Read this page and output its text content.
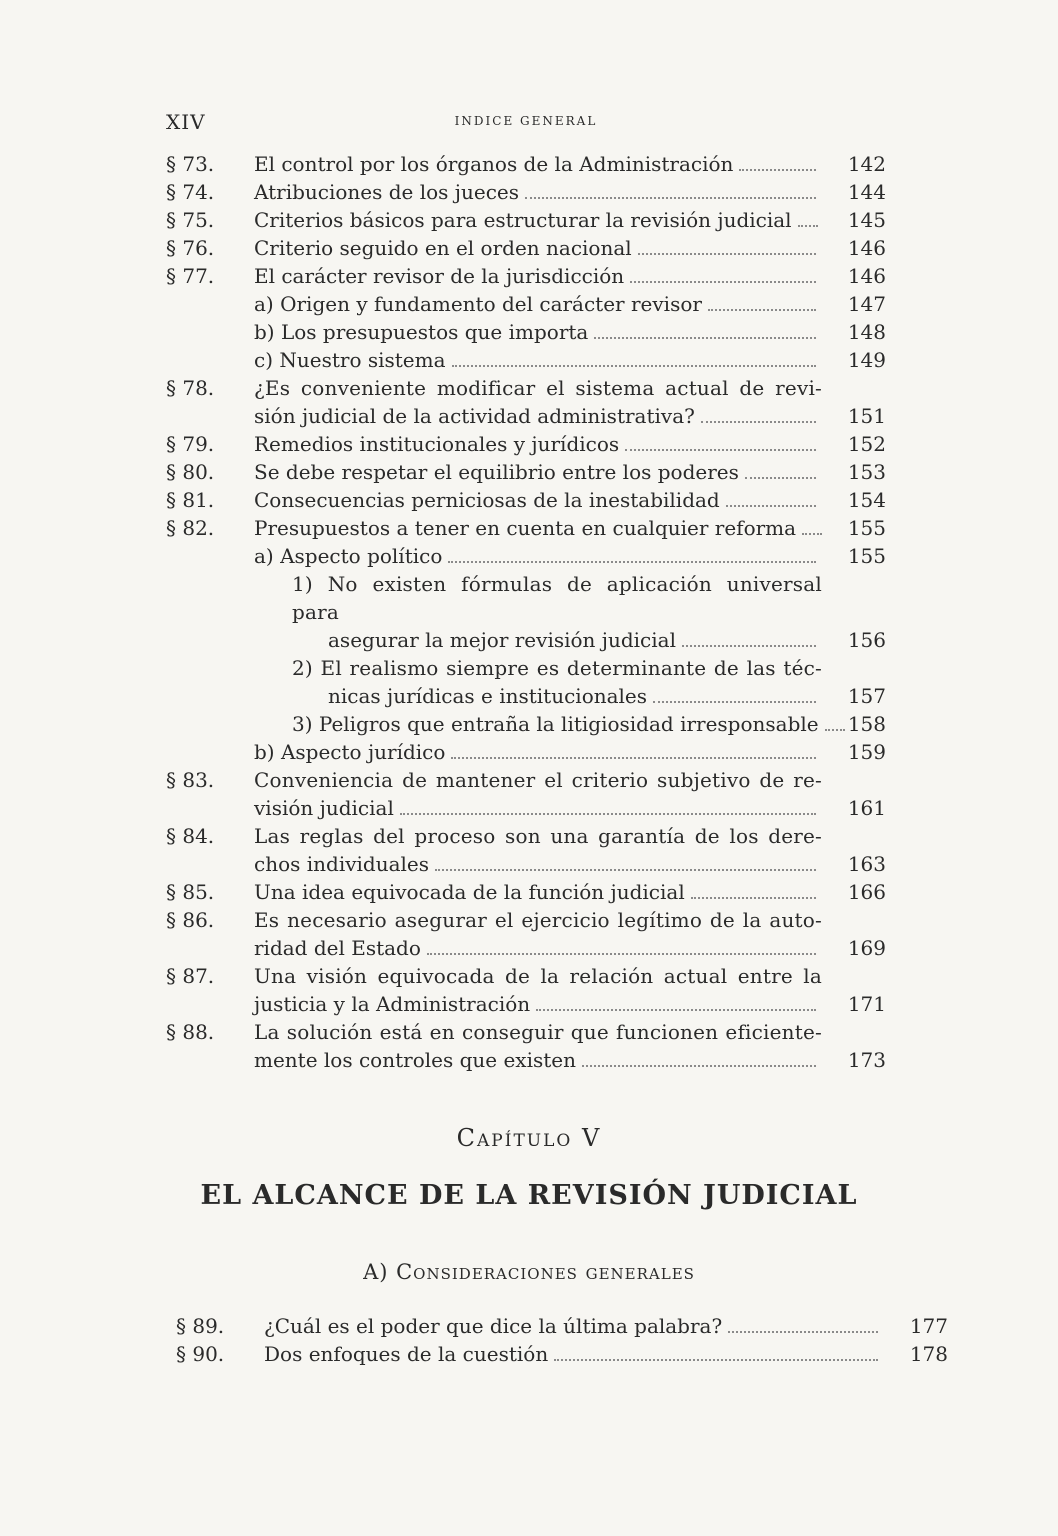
XIV	INDICE GENERAL
§ 73.	El control por los órganos de la Administración	142
§ 74.	Atribuciones de los jueces	144
§ 75.	Criterios básicos para estructurar la revisión judicial	145
§ 76.	Criterio seguido en el orden nacional	146
§ 77.	El carácter revisor de la jurisdicción	146
a) Origen y fundamento del carácter revisor	147
b) Los presupuestos que importa	148
c) Nuestro sistema	149
§ 78.	¿Es conveniente modificar el sistema actual de revi-
sión judicial de la actividad administrativa?	151
§ 79.	Remedios institucionales y jurídicos	152
§ 80.	Se debe respetar el equilibrio entre los poderes	153
§ 81.	Consecuencias perniciosas de la inestabilidad	154
§ 82.	Presupuestos a tener en cuenta en cualquier reforma	155
a) Aspecto político	155
1) No existen fórmulas de aplicación universal para
asegurar la mejor revisión judicial	156
2) El realismo siempre es determinante de las téc-
nicas jurídicas e institucionales	157
3) Peligros que entraña la litigiosidad irresponsable	158
b) Aspecto jurídico	159
§ 83.	Conveniencia de mantener el criterio subjetivo de re-
visión judicial	161
§ 84.	Las reglas del proceso son una garantía de los dere-
chos individuales	163
§ 85.	Una idea equivocada de la función judicial	166
§ 86.	Es necesario asegurar el ejercicio legítimo de la auto-
ridad del Estado	169
§ 87.	Una visión equivocada de la relación actual entre la
justicia y la Administración	171
§ 88.	La solución está en conseguir que funcionen eficiente-
mente los controles que existen	173
Capítulo V
EL ALCANCE DE LA REVISIÓN JUDICIAL
A) Consideraciones generales
§ 89.	¿Cuál es el poder que dice la última palabra?	177
§ 90.	Dos enfoques de la cuestión	178
